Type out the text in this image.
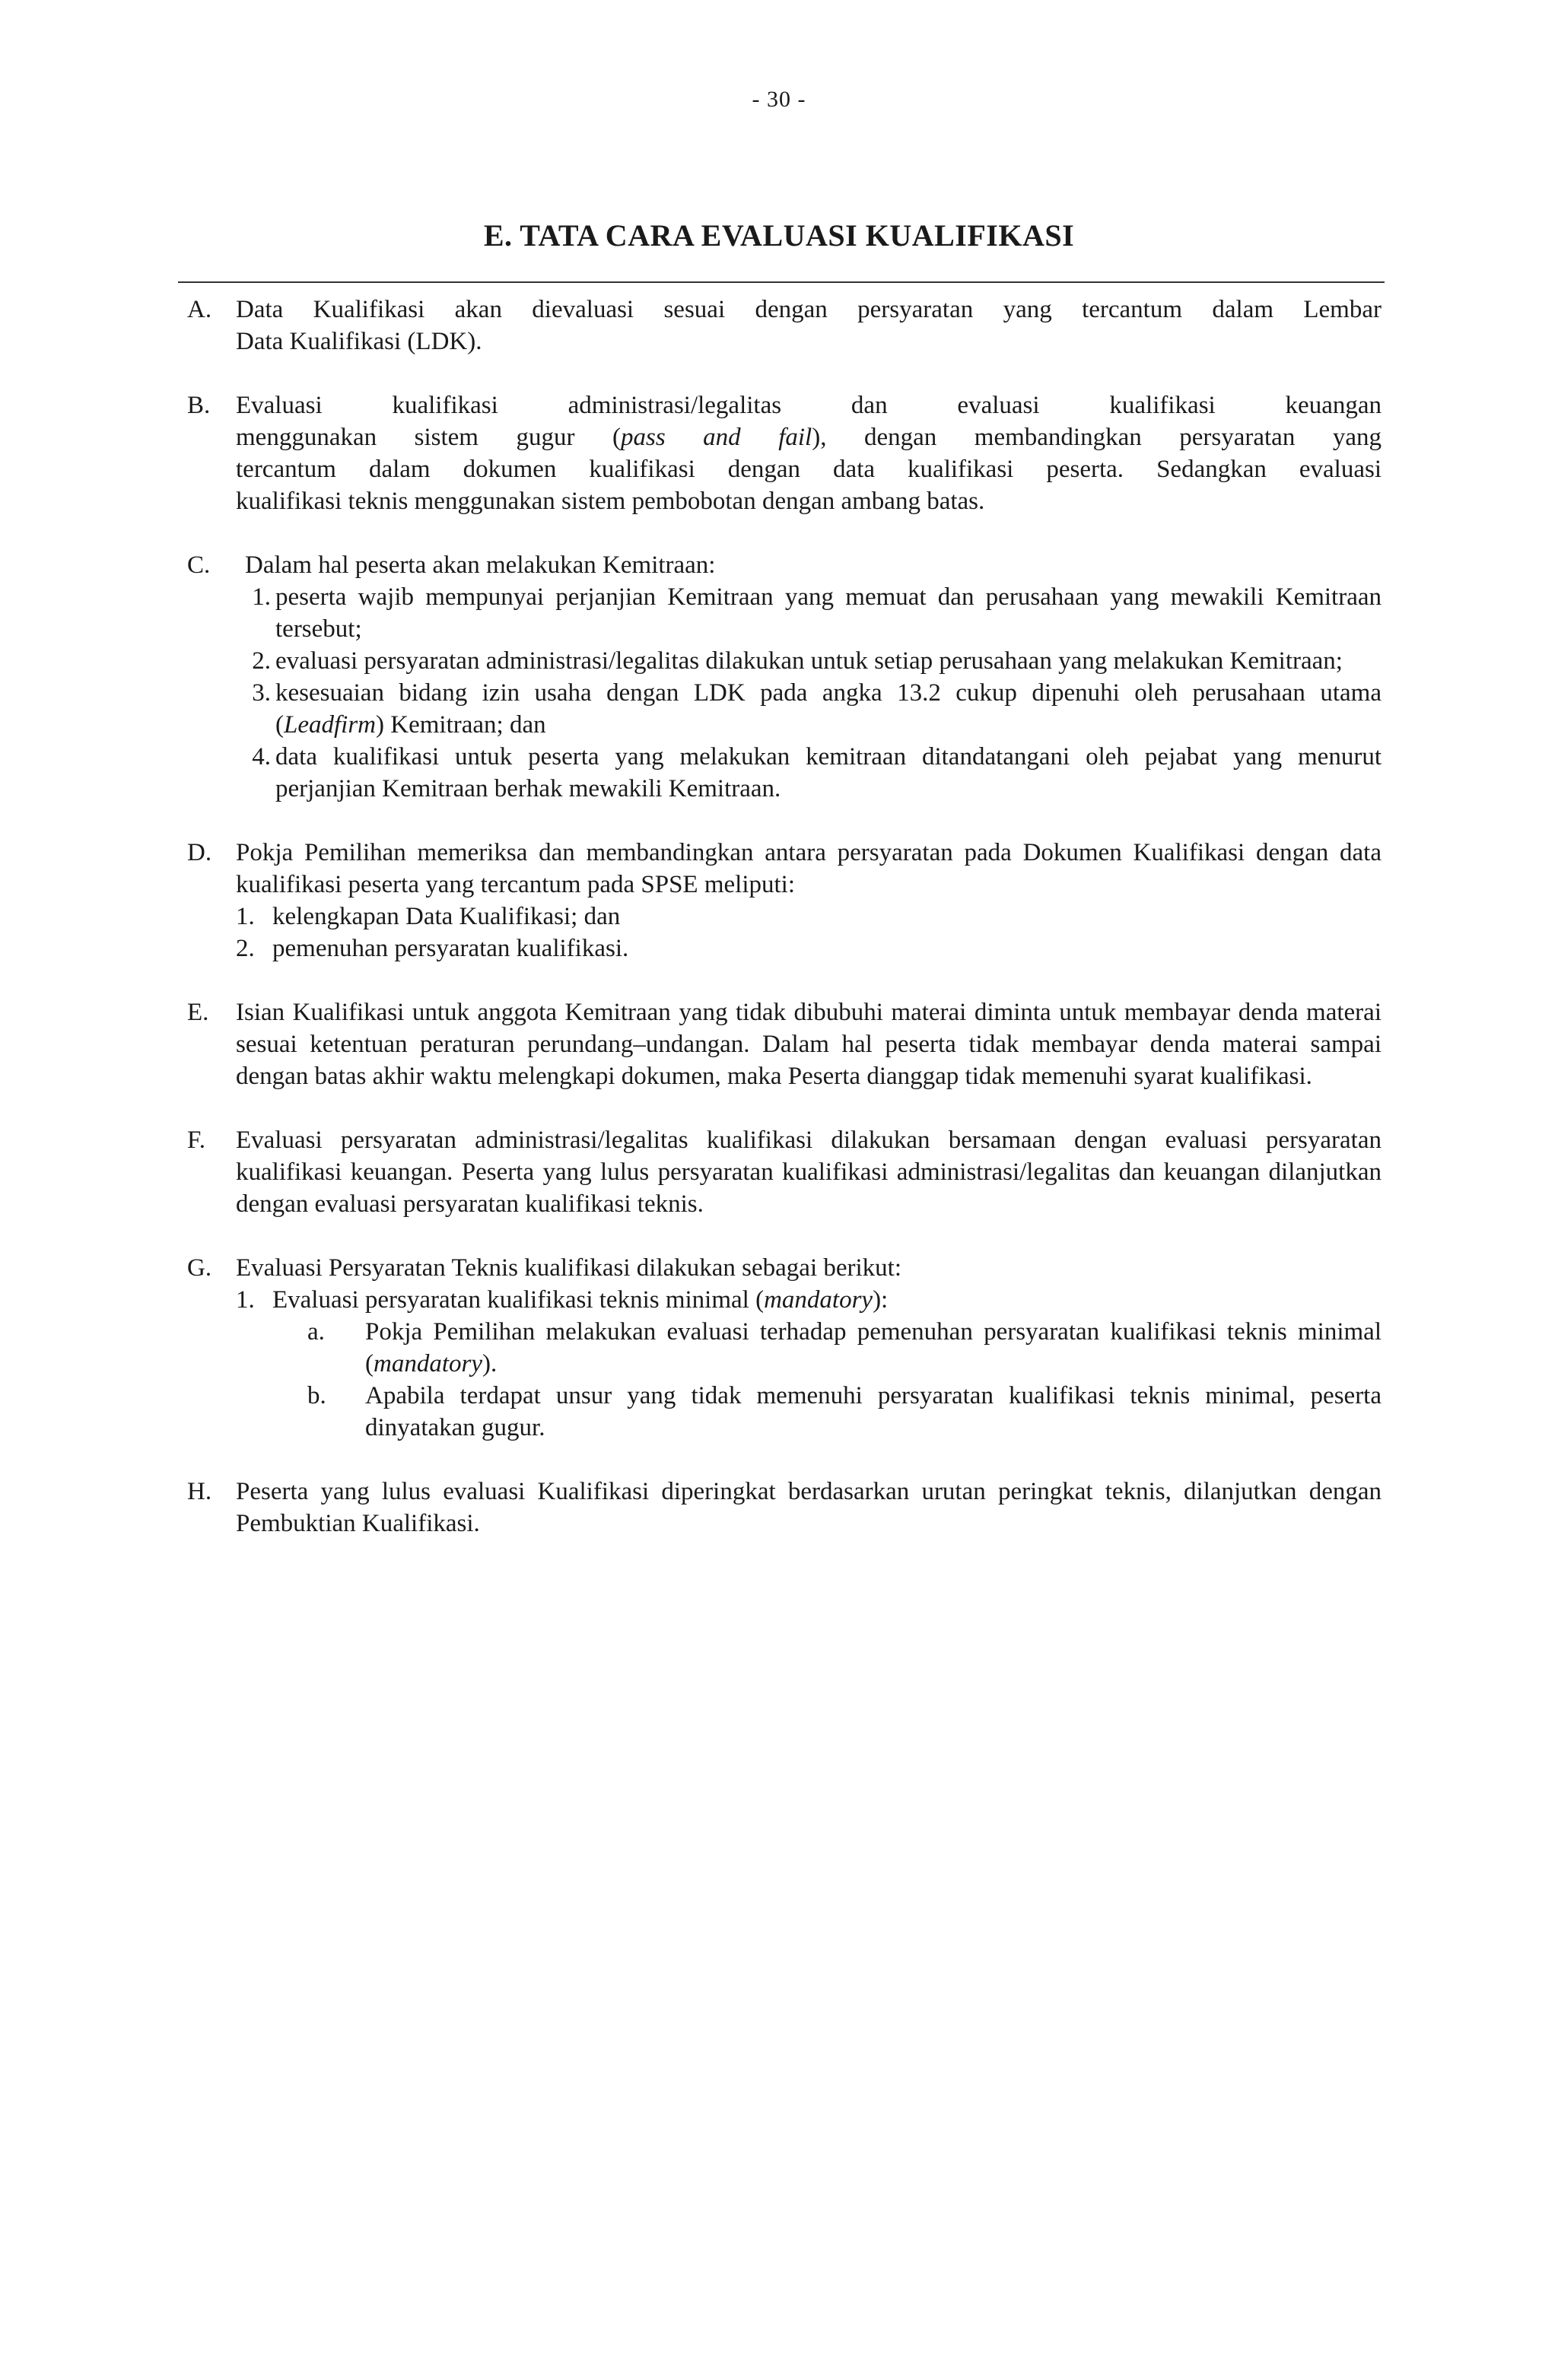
- 30 -
E. TATA CARA EVALUASI KUALIFIKASI
A. Data Kualifikasi akan dievaluasi sesuai dengan persyaratan yang tercantum dalam Lembar
Data Kualifikasi (LDK).
B. Evaluasi kualifikasi administrasi/legalitas dan evaluasi kualifikasi keuangan
menggunakan sistem gugur (pass and fail), dengan membandingkan persyaratan yang
tercantum dalam dokumen kualifikasi dengan data kualifikasi peserta. Sedangkan evaluasi
kualifikasi teknis menggunakan sistem pembobotan dengan ambang batas.
C.	Dalam hal peserta akan melakukan Kemitraan:
1. peserta wajib mempunyai perjanjian Kemitraan yang memuat dan perusahaan yang mewakili Kemitraan tersebut;
2. evaluasi persyaratan administrasi/legalitas dilakukan untuk setiap perusahaan yang melakukan Kemitraan;
3. kesesuaian bidang izin usaha dengan LDK pada angka 13.2 cukup dipenuhi oleh perusahaan utama (Leadfirm) Kemitraan; dan
4. data kualifikasi untuk peserta yang melakukan kemitraan ditandatangani oleh pejabat yang menurut perjanjian Kemitraan berhak mewakili Kemitraan.
D. Pokja Pemilihan memeriksa dan membandingkan antara persyaratan pada Dokumen Kualifikasi dengan data kualifikasi peserta yang tercantum pada SPSE meliputi:
1. kelengkapan Data Kualifikasi; dan
2. pemenuhan persyaratan kualifikasi.
E. Isian Kualifikasi untuk anggota Kemitraan yang tidak dibubuhi materai diminta untuk membayar denda materai sesuai ketentuan peraturan perundang–undangan. Dalam hal peserta tidak membayar denda materai sampai dengan batas akhir waktu melengkapi dokumen, maka Peserta dianggap tidak memenuhi syarat kualifikasi.
F. Evaluasi persyaratan administrasi/legalitas kualifikasi dilakukan bersamaan dengan evaluasi persyaratan kualifikasi keuangan. Peserta yang lulus persyaratan kualifikasi administrasi/legalitas dan keuangan dilanjutkan dengan evaluasi persyaratan kualifikasi teknis.
G. Evaluasi Persyaratan Teknis kualifikasi dilakukan sebagai berikut:
1. Evaluasi persyaratan kualifikasi teknis minimal (mandatory):
a.	Pokja Pemilihan melakukan evaluasi terhadap pemenuhan persyaratan kualifikasi teknis minimal (mandatory).
b.	Apabila terdapat unsur yang tidak memenuhi persyaratan kualifikasi teknis minimal, peserta dinyatakan gugur.
H. Peserta yang lulus evaluasi Kualifikasi diperingkat berdasarkan urutan peringkat teknis, dilanjutkan dengan Pembuktian Kualifikasi.
